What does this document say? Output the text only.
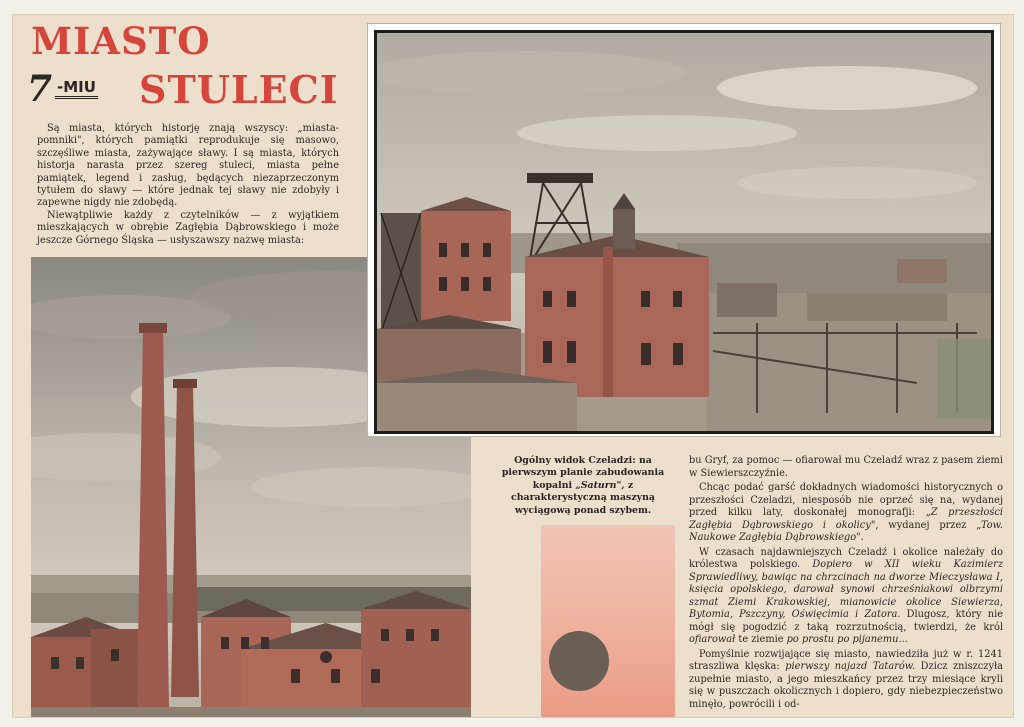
MIASTO
7 -MIU STULECI

Są miasta, których historję znają wszyscy: „miasta-pomniki", których pamiątki reprodukuje się masowo, szczęśliwe miasta, zażywające sławy. I są miasta, których historja narasta przez szereg stuleci, miasta pełne pamiątek, legend i zasług, będących niezaprzeczonym tytułem do sławy — które jednak tej sławy nie zdobyły i zapewne nigdy nie zdobędą.

Niewątpliwie każdy z czytelników — z wyjątkiem mieszkających w obrębie Zagłębia Dąbrowskiego i może jeszcze Górnego Śląska — usłyszawszy nazwę miasta:

Ogólny widok Czeladzi: na pierwszym planie zabudowania kopalni „Saturn", z charakterystyczną maszyną wyciągową ponad szybem.

bu Gryf, za pomoc — ofiarował mu Czeladź wraz z pasem ziemi w Siewierszczyźnie.

Chcąc podać garść dokładnych wiadomości historycznych o przeszłości Czeladzi, niesposób nie oprzeć się na, wydanej przed kilku laty, doskonałej monografji: „Z przeszłości Zagłębia Dąbrowskiego i okolicy", wydanej przez „Tow. Naukowe Zagłębia Dąbrowskiego".

W czasach najdawniejszych Czeladź i okolice należały do królestwa polskiego. Dopiero w XII wieku Kazimierz Sprawiedliwy, bawiąc na chrzcinach na dworze Mieczysława I, księcia opolskiego, darował synowi chrześniakowi olbrzymi szmat Ziemi Krakowskiej, mianowicie okolice Siewierza, Bytomia, Pszczyny, Oświęcimia i Zatora. Dlugosz, który nie mógł się pogodzić z taką rozrzutnością, twierdzi, że król ofiarował te ziemie po prostu po pijanemu...

Pomyślnie rozwijające się miasto, nawiedziła już w r. 1241 straszliwa klęska: pierwszy najazd Tatarów. Dzicz zniszczyła zupełnie miasto, a jego mieszkańcy przez trzy miesiące kryli się w puszczach okolicznych i dopiero, gdy niebezpieczeństwo minęło, powrócili i od-
